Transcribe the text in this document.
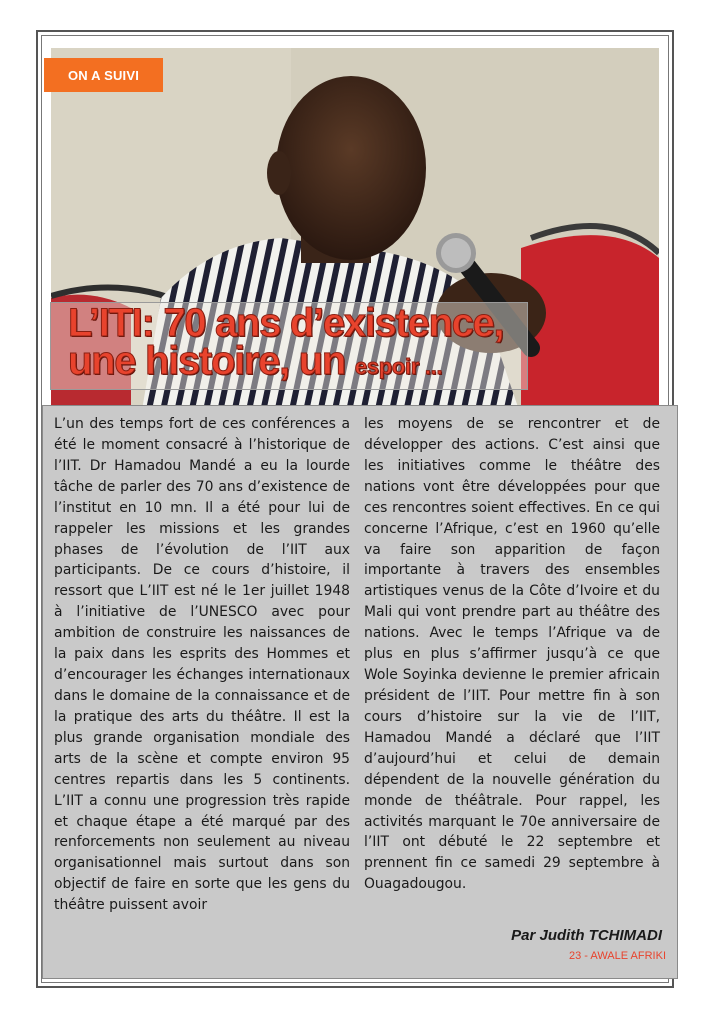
ON A SUIVI
L’ITI: 70 ans d’existence,
une histoire, un espoir ...

L’un des temps fort de ces conférences a été le moment consacré à l’historique de l’IIT. Dr Hamadou Mandé a eu la lourde tâche de parler des 70 ans d’existence de l’institut en 10 mn. Il a été pour lui de rappeler les missions et les grandes phases de l’évolution de l’IIT aux participants. De ce cours d’histoire, il ressort que L’IIT est né le 1er juillet 1948 à l’initiative de l’UNESCO avec pour ambition de construire les naissances de la paix dans les esprits des Hommes et d’encourager les échanges internationaux dans le domaine de la connaissance et de la pratique des arts du théâtre. Il est la plus grande organisation mondiale des arts de la scène et compte environ 95 centres repartis dans les 5 continents. L’IIT a connu une progression très rapide et chaque étape a été marqué par des renforcements non seulement au niveau organisationnel mais surtout dans son objectif de faire en sorte que les gens du théâtre puissent avoir

les moyens de se rencontrer et de développer des actions. C’est ainsi que les initiatives comme le théâtre des nations vont être développées pour que ces rencontres soient effectives. En ce qui concerne l’Afrique, c’est en 1960 qu’elle va faire son apparition de façon importante à travers des ensembles artistiques venus de la Côte d’Ivoire et du Mali qui vont prendre part au théâtre des nations. Avec le temps l’Afrique va de plus en plus s’affirmer jusqu’à ce que Wole Soyinka devienne le premier africain président de l’IIT. Pour mettre fin à son cours d’histoire sur la vie de l’IIT, Hamadou Mandé a déclaré que l’IIT d’aujourd’hui et celui de demain dépendent de la nouvelle génération du monde de théâtrale. Pour rappel, les activités marquant le 70e anniversaire de l’IIT ont débuté le 22 septembre et prennent fin ce samedi 29 septembre à Ouagadougou.

Par Judith TCHIMADI
23 - AWALE AFRIKI
